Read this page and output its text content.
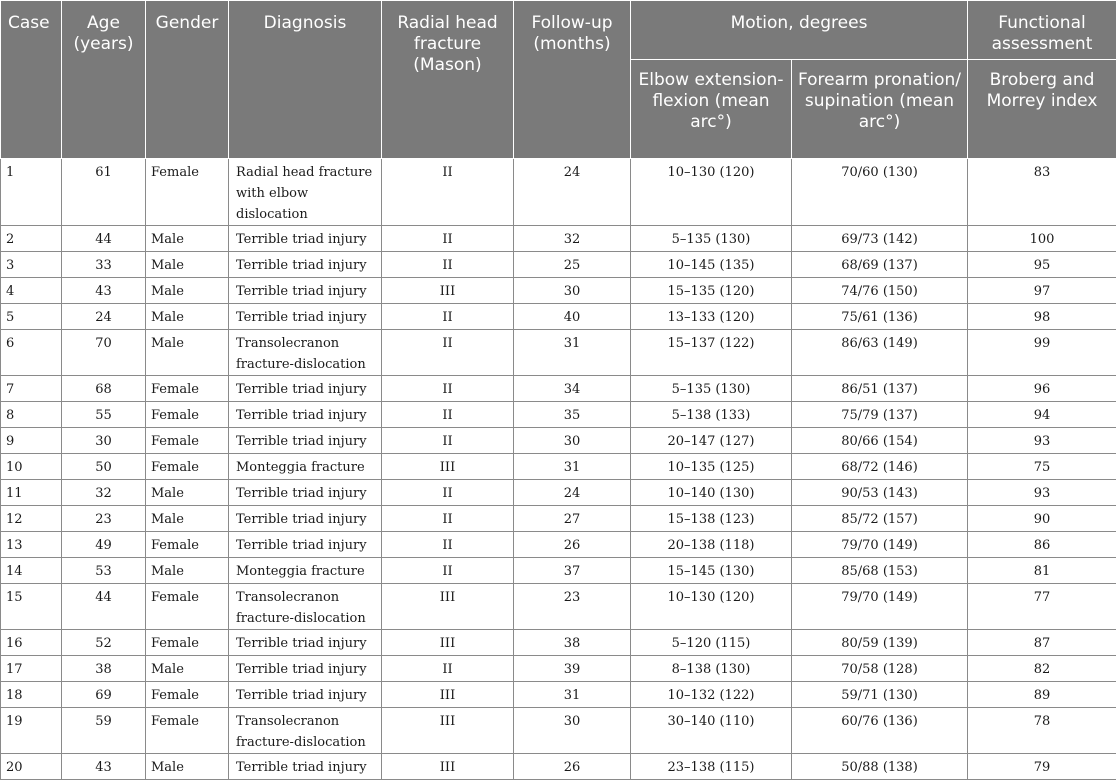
Case	Age (years)	Gender	Diagnosis	Radial head fracture (Mason)	Follow-up (months)	Motion, degrees		Functional assessment
						Elbow extension-flexion (mean arc°)	Forearm pronation/ supination (mean arc°)	Broberg and Morrey index
1	61	Female	Radial head fracture with elbow dislocation	II	24	10–130 (120)	70/60 (130)	83
2	44	Male	Terrible triad injury	II	32	5–135 (130)	69/73 (142)	100
3	33	Male	Terrible triad injury	II	25	10–145 (135)	68/69 (137)	95
4	43	Male	Terrible triad injury	III	30	15–135 (120)	74/76 (150)	97
5	24	Male	Terrible triad injury	II	40	13–133 (120)	75/61 (136)	98
6	70	Male	Transolecranon fracture-dislocation	II	31	15–137 (122)	86/63 (149)	99
7	68	Female	Terrible triad injury	II	34	5–135 (130)	86/51 (137)	96
8	55	Female	Terrible triad injury	II	35	5–138 (133)	75/79 (137)	94
9	30	Female	Terrible triad injury	II	30	20–147 (127)	80/66 (154)	93
10	50	Female	Monteggia fracture	III	31	10–135 (125)	68/72 (146)	75
11	32	Male	Terrible triad injury	II	24	10–140 (130)	90/53 (143)	93
12	23	Male	Terrible triad injury	II	27	15–138 (123)	85/72 (157)	90
13	49	Female	Terrible triad injury	II	26	20–138 (118)	79/70 (149)	86
14	53	Male	Monteggia fracture	II	37	15–145 (130)	85/68 (153)	81
15	44	Female	Transolecranon fracture-dislocation	III	23	10–130 (120)	79/70 (149)	77
16	52	Female	Terrible triad injury	III	38	5–120 (115)	80/59 (139)	87
17	38	Male	Terrible triad injury	II	39	8–138 (130)	70/58 (128)	82
18	69	Female	Terrible triad injury	III	31	10–132 (122)	59/71 (130)	89
19	59	Female	Transolecranon fracture-dislocation	III	30	30–140 (110)	60/76 (136)	78
20	43	Male	Terrible triad injury	III	26	23–138 (115)	50/88 (138)	79
